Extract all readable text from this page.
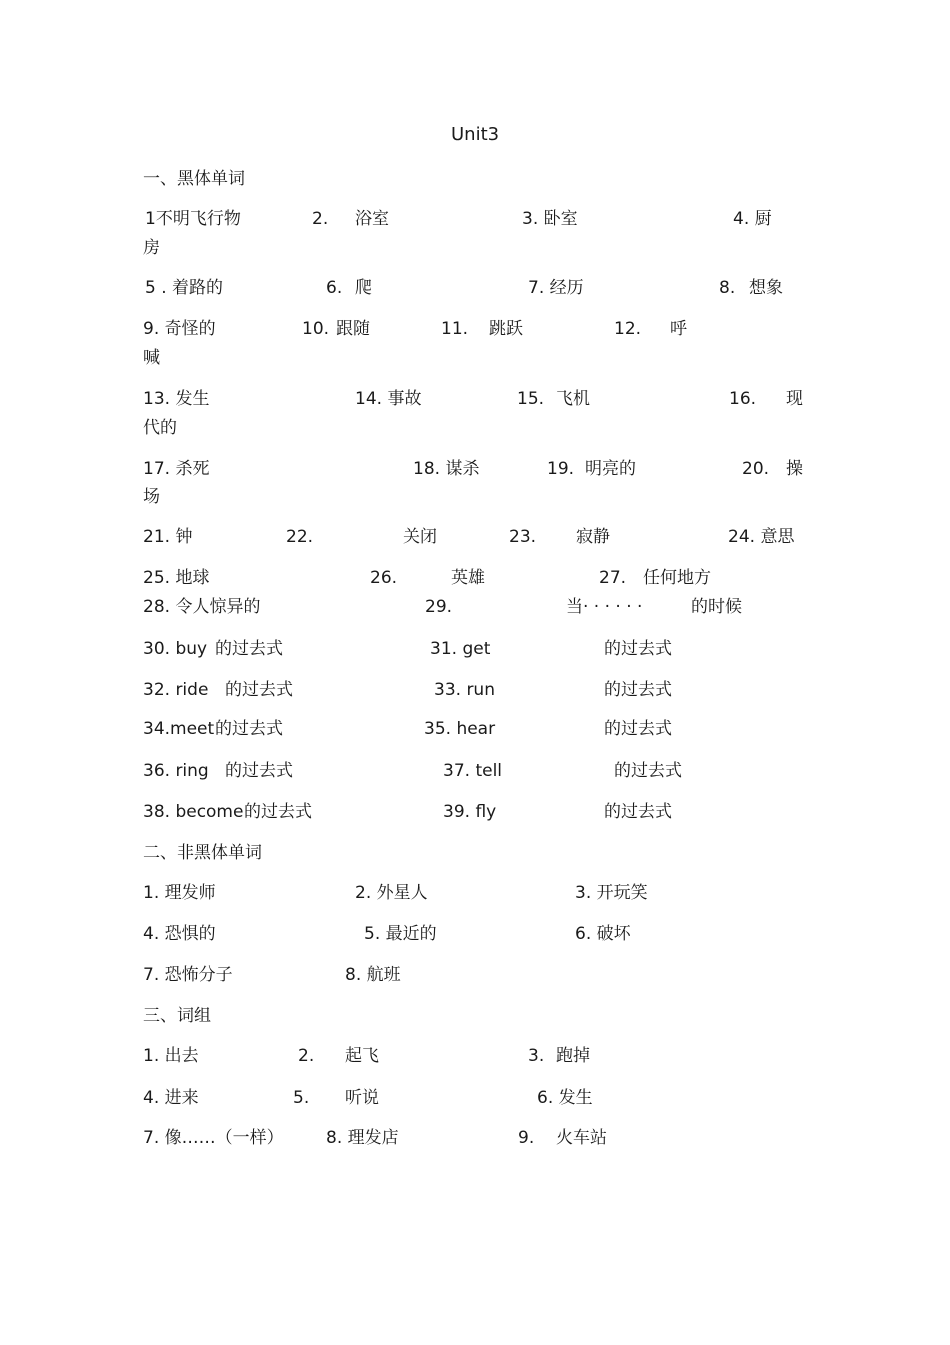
Unit3
一、黑体单词
1不明飞行物	2. 浴室	3. 卧室	4. 厨
房
5 . 着路的	6. 爬	7. 经历	8. 想象
9. 奇怪的	10. 跟随	11. 跳跃	12. 呼
喊
13. 发生	14. 事故	15. 飞机	16. 现
代的
17. 杀死	18. 谋杀	19. 明亮的	20. 操
场
21. 钟	22.	关闭	23. 寂静	24. 意思
25. 地球	26.	英雄	27. 任何地方
28. 令人惊异的	29.	当· · · · · ·	的时候
30. buy 的过去式	31. get	的过去式
32. ride 的过去式	33. run	的过去式
34.meet 的过去式	35. hear	的过去式
36. ring 的过去式	37. tell	的过去式
38. become 的过去式	39. fly	的过去式
二、非黑体单词
1. 理发师	2. 外星人	3. 开玩笑
4. 恐惧的	5. 最近的	6. 破坏
7. 恐怖分子	8. 航班
三、词组
1. 出去	2. 起飞	3. 跑掉
4. 进来	5. 听说	6. 发生
7. 像……（一样） 8. 理发店	9. 火车站
